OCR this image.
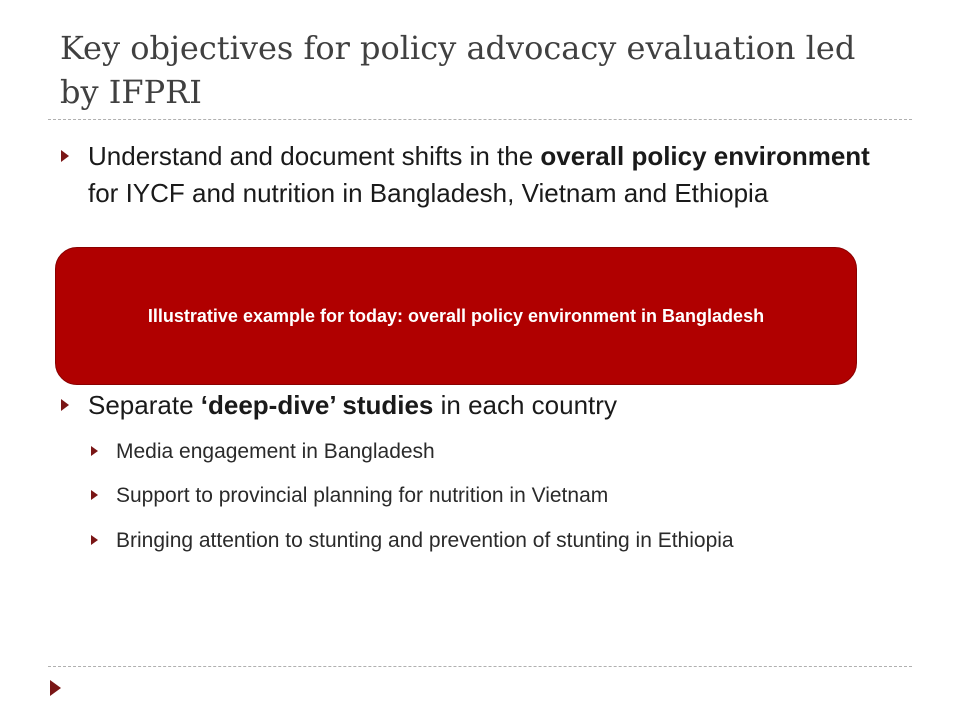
Key objectives for policy advocacy evaluation led by IFPRI
Understand and document shifts in the overall policy environment for IYCF and nutrition in Bangladesh, Vietnam and Ethiopia
Separate ‘deep-dive’ studies in each country
Media engagement in Bangladesh
Support to provincial planning for nutrition in Vietnam
Bringing attention to stunting and prevention of stunting in Ethiopia
Illustrative example for today: overall policy environment in Bangladesh
